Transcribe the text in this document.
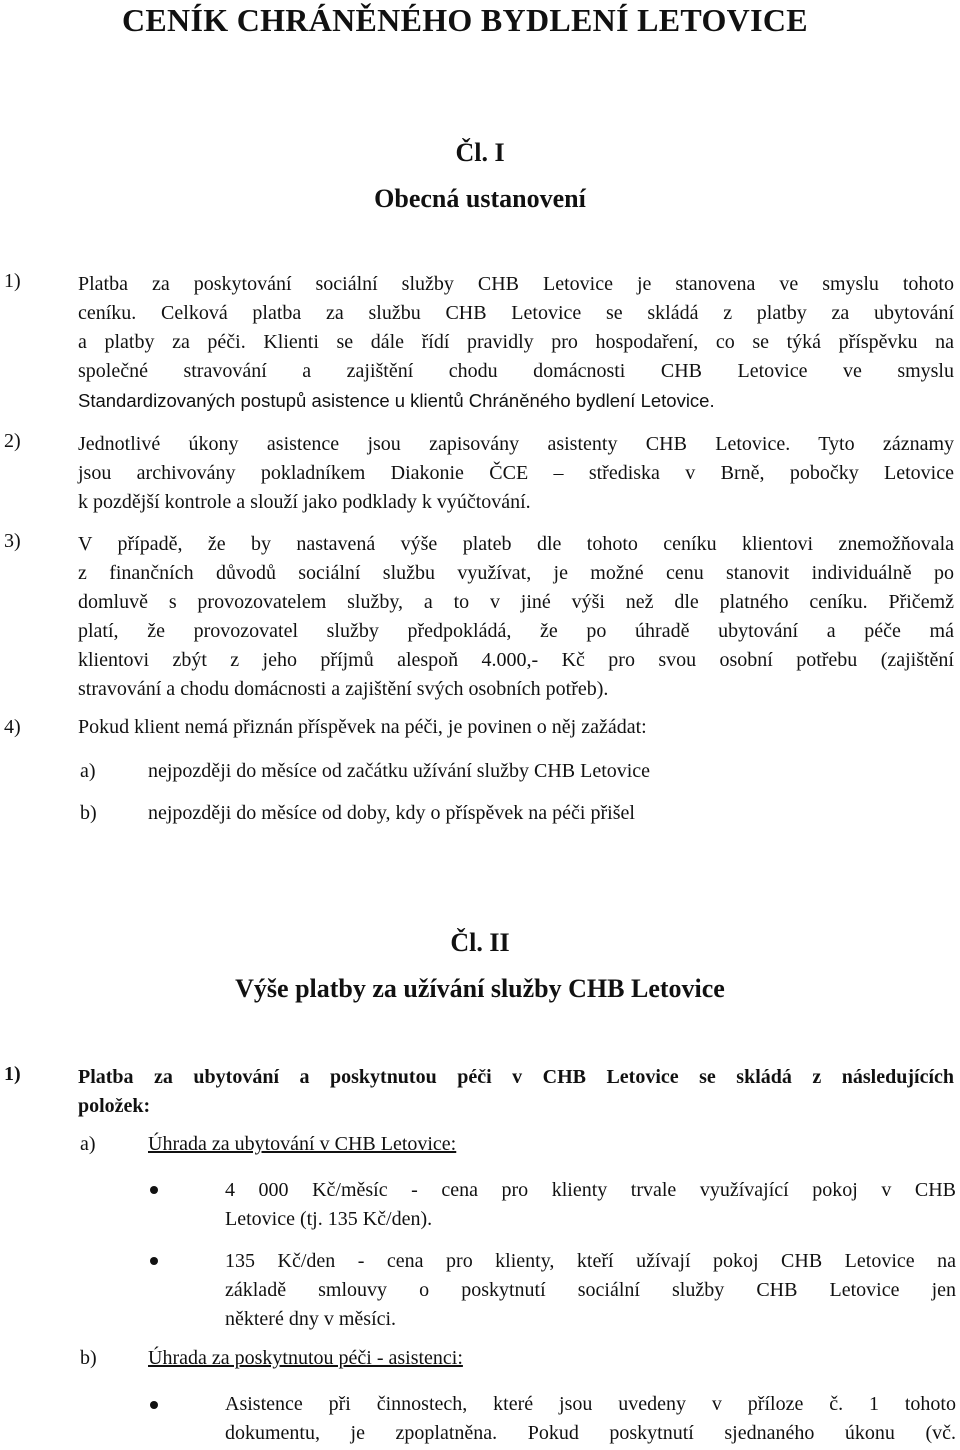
CENÍK CHRÁNĚNÉHO BYDLENÍ LETOVICE
Čl. I
Obecná ustanovení
1)	Platba za poskytování sociální služby CHB Letovice je stanovena ve smyslu tohoto
ceníku. Celková platba za službu CHB Letovice se skládá z platby za ubytování
a platby za péči. Klienti se dále řídí pravidly pro hospodaření, co se týká příspěvku na
společné stravování a zajištění chodu domácnosti CHB Letovice ve smyslu
Standardizovaných postupů asistence u klientů Chráněného bydlení Letovice.
2)	Jednotlivé úkony asistence jsou zapisovány asistenty CHB Letovice. Tyto záznamy
jsou archivovány pokladníkem Diakonie ČCE – střediska v Brně, pobočky Letovice
k pozdější kontrole a slouží jako podklady k vyúčtování.
3)	V případě, že by nastavená výše plateb dle tohoto ceníku klientovi znemožňovala
z finančních důvodů sociální službu využívat, je možné cenu stanovit individuálně po
domluvě s provozovatelem služby, a to v jiné výši než dle platného ceníku. Přičemž
platí, že provozovatel služby předpokládá, že po úhradě ubytování a péče má
klientovi zbýt z jeho příjmů alespoň 4.000,- Kč pro svou osobní potřebu (zajištění
stravování a chodu domácnosti a zajištění svých osobních potřeb).
4)	Pokud klient nemá přiznán příspěvek na péči, je povinen o něj zažádat:
a)	nejpozději do měsíce od začátku užívání služby CHB Letovice
b)	nejpozději do měsíce od doby, kdy o příspěvek na péči přišel
Čl. II
Výše platby za užívání služby CHB Letovice
1)	Platba za ubytování a poskytnutou péči v CHB Letovice se skládá z následujících
položek:
a)	Úhrada za ubytování v CHB Letovice:
4 000 Kč/měsíc - cena pro klienty trvale využívající pokoj v CHB
Letovice (tj. 135 Kč/den).
135 Kč/den - cena pro klienty, kteří užívají pokoj CHB Letovice na
základě smlouvy o poskytnutí sociální služby CHB Letovice jen
některé dny v měsíci.
b)	Úhrada za poskytnutou péči - asistenci:
Asistence při činnostech, které jsou uvedeny v příloze č. 1 tohoto
dokumentu, je zpoplatněna. Pokud poskytnutí sjednaného úkonu (vč.
